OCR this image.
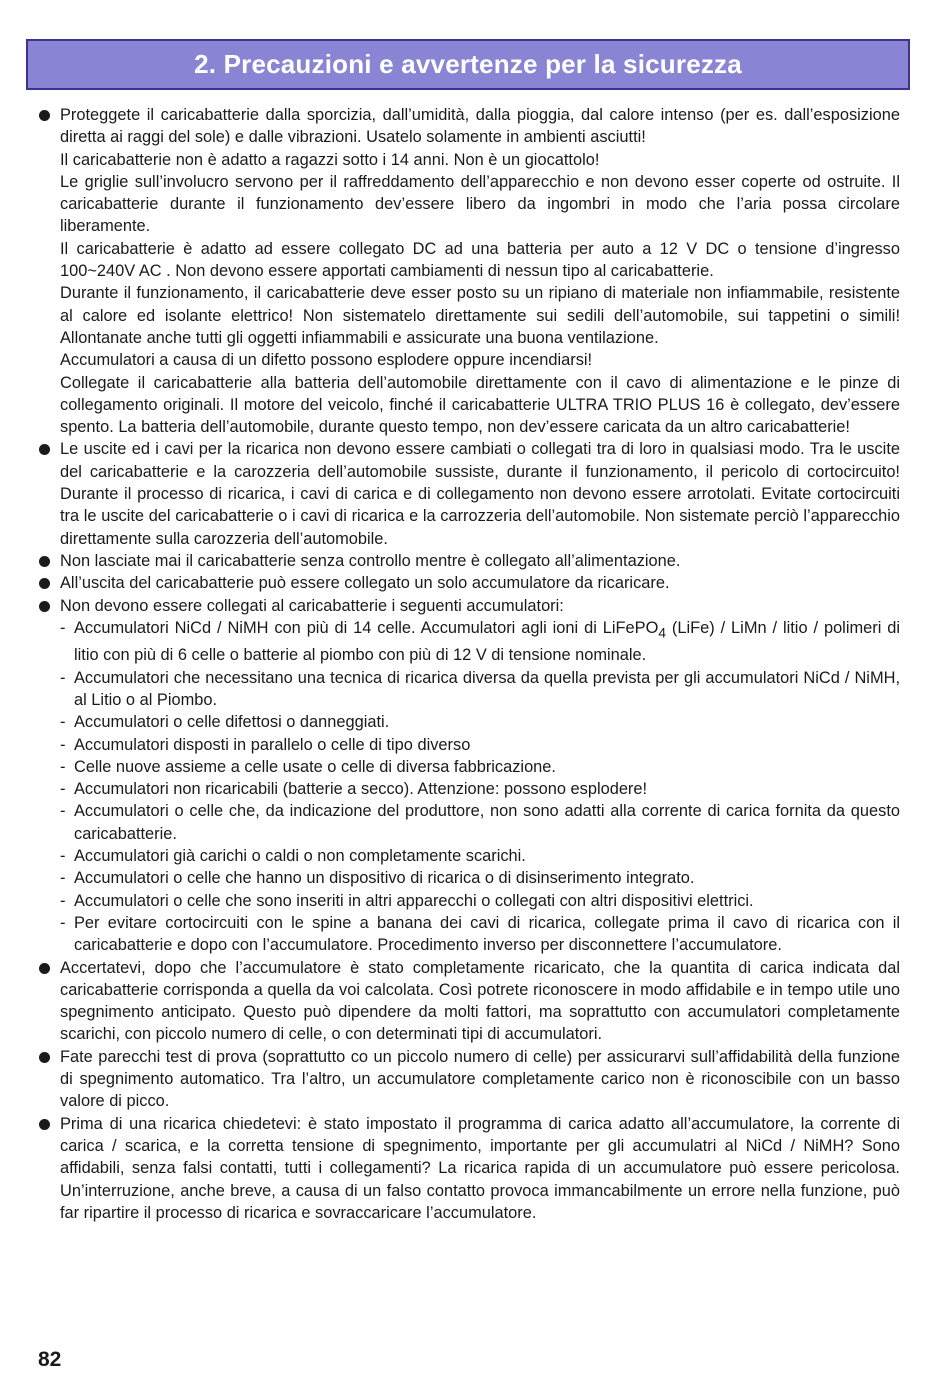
2. Precauzioni e avvertenze per la sicurezza

Proteggete il caricabatterie dalla sporcizia, dall’umidità, dalla pioggia, dal calore intenso (per es. dall’esposizione diretta ai raggi del sole) e dalle vibrazioni. Usatelo solamente in ambienti asciutti!

Il caricabatterie non è adatto a ragazzi sotto i 14 anni. Non è un giocattolo!

Le griglie sull’involucro servono per il raffreddamento dell’apparecchio e non devono esser coperte od ostruite. Il caricabatterie durante il funzionamento dev’essere libero da ingombri in modo che l’aria possa circolare liberamente.

Il caricabatterie è adatto ad essere collegato DC ad una batteria per auto a 12 V DC o tensione d’ingresso 100~240V AC . Non devono essere apportati cambiamenti di nessun tipo al caricabatterie.

Durante il funzionamento, il caricabatterie deve esser posto su un ripiano di materiale non infiammabile, resistente al calore ed isolante elettrico! Non sistematelo direttamente sui sedili dell’automobile, sui tappetini o simili! Allontanate anche tutti gli oggetti infiammabili e assicurate una buona ventilazione.

Accumulatori a causa di un difetto possono esplodere oppure incendiarsi!

Collegate il caricabatterie alla batteria dell’automobile direttamente con il cavo di alimentazione e le pinze di collegamento originali. Il motore del veicolo, finché il caricabatterie ULTRA TRIO PLUS 16 è collegato, dev’essere spento. La batteria dell’automobile, durante questo tempo, non dev’essere caricata da un altro caricabatterie!

Le uscite ed i cavi per la ricarica non devono essere cambiati o collegati tra di loro in qualsiasi modo. Tra le uscite del caricabatterie e la carozzeria dell’automobile sussiste, durante il funzionamento, il pericolo di cortocircuito! Durante il processo di ricarica, i cavi di carica e di collegamento non devono essere arrotolati. Evitate cortocircuiti tra le uscite del caricabatterie o i cavi di ricarica e la carrozzeria dell’automobile. Non sistemate perciò l’apparecchio direttamente sulla carozzeria dell’automobile.

Non lasciate mai il caricabatterie senza controllo mentre è collegato all’alimentazione.

All’uscita del caricabatterie può essere collegato un solo accumulatore da ricaricare.

Non devono essere collegati al caricabatterie i seguenti accumulatori:

- Accumulatori NiCd / NiMH con più di 14 celle. Accumulatori agli ioni di LiFePO$_4$ (LiFe) / LiMn / litio / polimeri di litio con più di 6 celle o batterie al piombo con più di 12 V di tensione nominale.

- Accumulatori che necessitano una tecnica di ricarica diversa da quella prevista per gli accumulatori NiCd / NiMH, al Litio o al Piombo.

- Accumulatori o celle difettosi o danneggiati.

- Accumulatori disposti in parallelo o celle di tipo diverso

- Celle nuove assieme a celle usate o celle di diversa fabbricazione.

- Accumulatori non ricaricabili (batterie a secco). Attenzione: possono esplodere!

- Accumulatori o celle che, da indicazione del produttore, non sono adatti alla corrente di carica fornita da questo caricabatterie.

- Accumulatori già carichi o caldi o non completamente scarichi.

- Accumulatori o celle che hanno un dispositivo di ricarica o di disinserimento integrato.

- Accumulatori o celle che sono inseriti in altri apparecchi o collegati con altri dispositivi elettrici.

- Per evitare cortocircuiti con le spine a banana dei cavi di ricarica, collegate prima il cavo di ricarica con il caricabatterie e dopo con l’accumulatore. Procedimento inverso per disconnettere l’accumulatore.

Accertatevi, dopo che l’accumulatore è stato completamente ricaricato, che la quantita di carica indicata dal caricabatterie corrisponda a quella da voi calcolata. Così potrete riconoscere in modo affidabile e in tempo utile uno spegnimento anticipato. Questo può dipendere da molti fattori, ma soprattutto con accumulatori completamente scarichi, con piccolo numero di celle, o con determinati tipi di accumulatori.

Fate parecchi test di prova (soprattutto co un piccolo numero di celle) per assicurarvi sull’affidabilità della funzione di spegnimento automatico. Tra l’altro, un accumulatore completamente carico non è riconoscibile con un basso valore di picco.

Prima di una ricarica chiedetevi: è stato impostato il programma di carica adatto all’accumulatore, la corrente di carica / scarica, e la corretta tensione di spegnimento, importante per gli accumulatri al NiCd / NiMH? Sono affidabili, senza falsi contatti, tutti i collegamenti? La ricarica rapida di un accumulatore può essere pericolosa. Un’interruzione, anche breve, a causa di un falso contatto provoca immancabilmente un errore nella funzione, può far ripartire il processo di ricarica e sovraccaricare l’accumulatore.

82
